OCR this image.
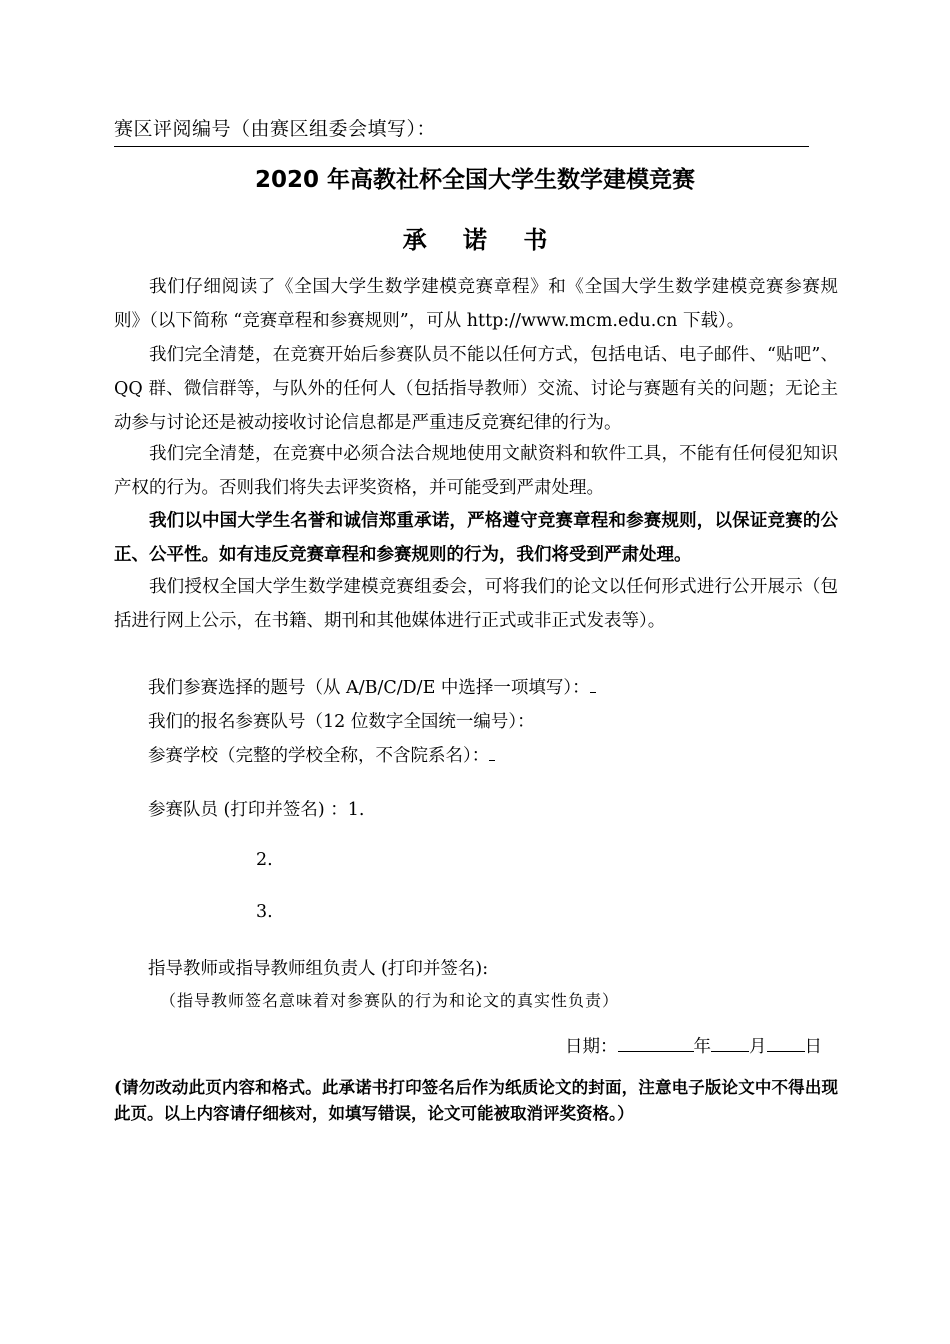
赛区评阅编号（由赛区组委会填写）：
2020 年高教社杯全国大学生数学建模竞赛
承 诺 书

我们仔细阅读了《全国大学生数学建模竞赛章程》和《全国大学生数学建模竞赛参赛规则》（以下简称 “竞赛章程和参赛规则”，可从 http://www.mcm.edu.cn 下载）。

我们完全清楚，在竞赛开始后参赛队员不能以任何方式，包括电话、电子邮件、“贴吧”、QQ 群、微信群等，与队外的任何人（包括指导教师）交流、讨论与赛题有关的问题；无论主动参与讨论还是被动接收讨论信息都是严重违反竞赛纪律的行为。

我们完全清楚，在竞赛中必须合法合规地使用文献资料和软件工具，不能有任何侵犯知识产权的行为。否则我们将失去评奖资格，并可能受到严肃处理。

我们以中国大学生名誉和诚信郑重承诺，严格遵守竞赛章程和参赛规则，以保证竞赛的公正、公平性。如有违反竞赛章程和参赛规则的行为，我们将受到严肃处理。

我们授权全国大学生数学建模竞赛组委会，可将我们的论文以任何形式进行公开展示（包括进行网上公示，在书籍、期刊和其他媒体进行正式或非正式发表等）。

我们参赛选择的题号（从 A/B/C/D/E 中选择一项填写）：
我们的报名参赛队号（12 位数字全国统一编号）：
参赛学校（完整的学校全称，不含院系名）：
参赛队员 (打印并签名) ：1.
2.
3.
指导教师或指导教师组负责人 (打印并签名):
（指导教师签名意味着对参赛队的行为和论文的真实性负责）
日期：	年 月 日

(请勿改动此页内容和格式。此承诺书打印签名后作为纸质论文的封面，注意电子版论文中不得出现此页。以上内容请仔细核对，如填写错误，论文可能被取消评奖资格。）
